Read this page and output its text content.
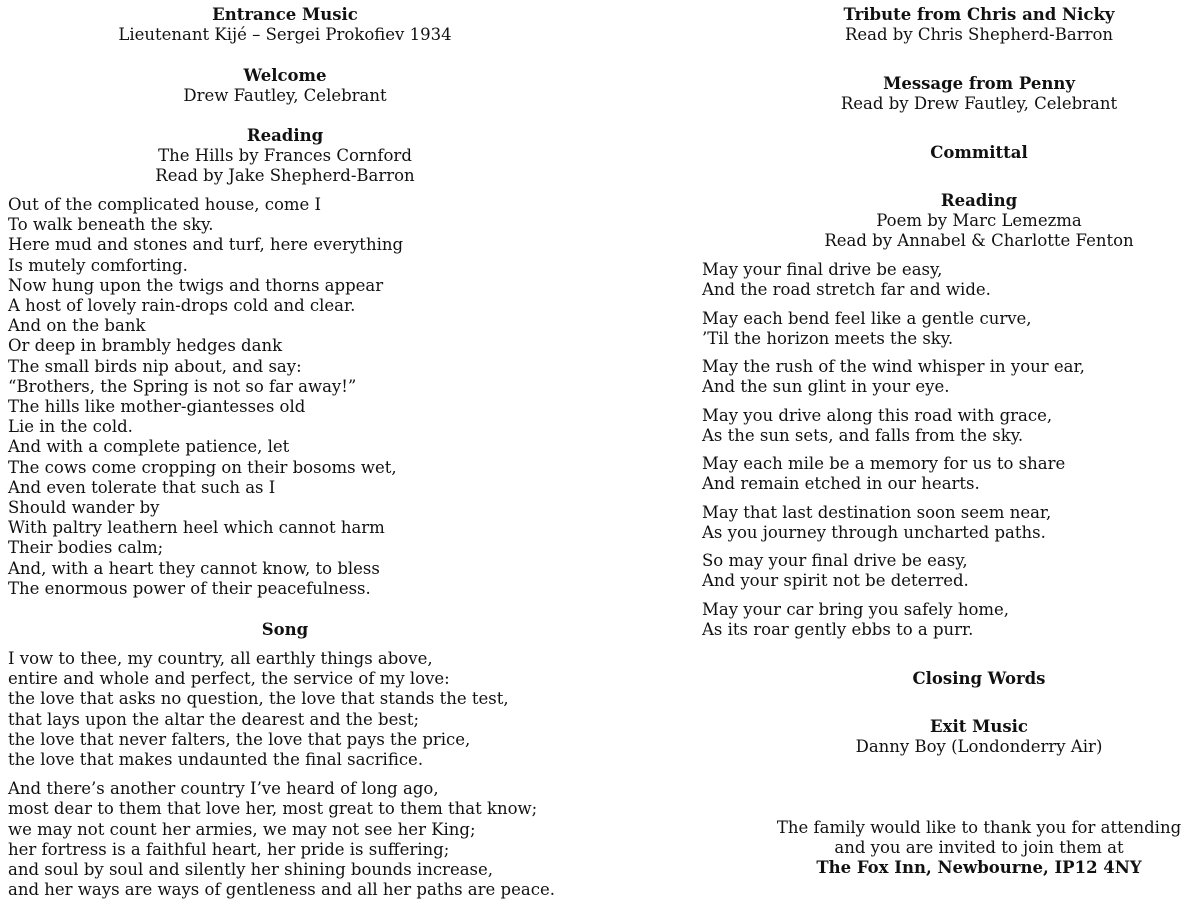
Entrance Music
Lieutenant Kijé – Sergei Prokofiev 1934
Welcome
Drew Fautley, Celebrant
Reading
The Hills by Frances Cornford
Read by Jake Shepherd-Barron
Out of the complicated house, come I
To walk beneath the sky.
Here mud and stones and turf, here everything
Is mutely comforting.
Now hung upon the twigs and thorns appear
A host of lovely rain-drops cold and clear.
And on the bank
Or deep in brambly hedges dank
The small birds nip about, and say:
“Brothers, the Spring is not so far away!”
The hills like mother-giantesses old
Lie in the cold.
And with a complete patience, let
The cows come cropping on their bosoms wet,
And even tolerate that such as I
Should wander by
With paltry leathern heel which cannot harm
Their bodies calm;
And, with a heart they cannot know, to bless
The enormous power of their peacefulness.
Song
I vow to thee, my country, all earthly things above,
entire and whole and perfect, the service of my love:
the love that asks no question, the love that stands the test,
that lays upon the altar the dearest and the best;
the love that never falters, the love that pays the price,
the love that makes undaunted the final sacrifice.
And there’s another country I’ve heard of long ago,
most dear to them that love her, most great to them that know;
we may not count her armies, we may not see her King;
her fortress is a faithful heart, her pride is suffering;
and soul by soul and silently her shining bounds increase,
and her ways are ways of gentleness and all her paths are peace.
Tribute from Chris and Nicky
Read by Chris Shepherd-Barron
Message from Penny
Read by Drew Fautley, Celebrant
Committal
Reading
Poem by Marc Lemezma
Read by Annabel & Charlotte Fenton
May your final drive be easy,
And the road stretch far and wide.
May each bend feel like a gentle curve,
’Til the horizon meets the sky.
May the rush of the wind whisper in your ear,
And the sun glint in your eye.
May you drive along this road with grace,
As the sun sets, and falls from the sky.
May each mile be a memory for us to share
And remain etched in our hearts.
May that last destination soon seem near,
As you journey through uncharted paths.
So may your final drive be easy,
And your spirit not be deterred.
May your car bring you safely home,
As its roar gently ebbs to a purr.
Closing Words
Exit Music
Danny Boy (Londonderry Air)
The family would like to thank you for attending
and you are invited to join them at
The Fox Inn, Newbourne, IP12 4NY
